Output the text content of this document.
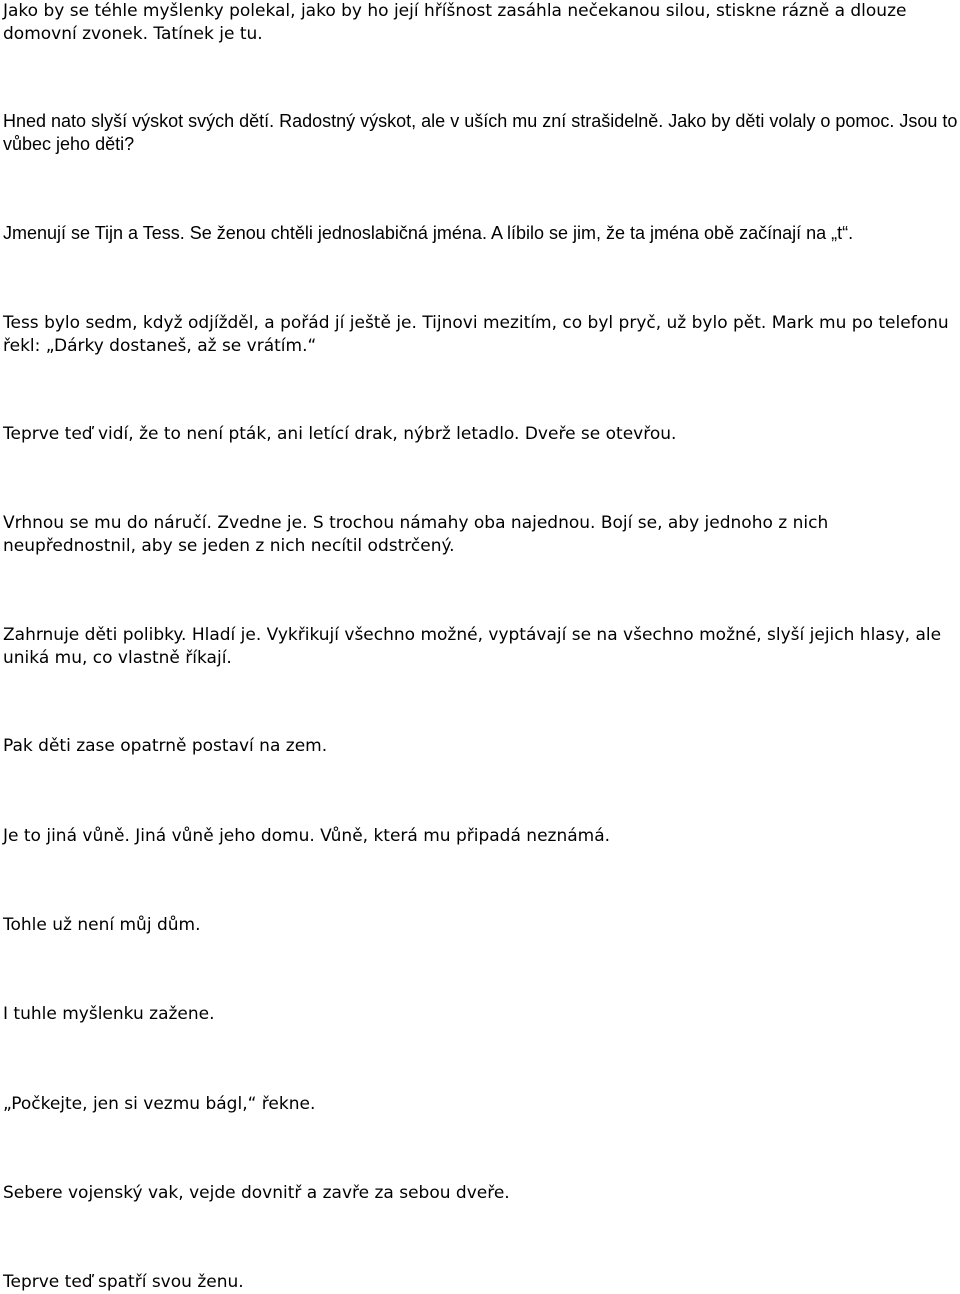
Jako by se téhle myšlenky polekal, jako by ho její hříšnost zasáhla nečekanou silou, stiskne rázně a dlouze domovní zvonek. Tatínek je tu.

Hned nato slyší výskot svých dětí. Radostný výskot, ale v uších mu zní strašidelně. Jako by děti volaly o pomoc. Jsou to vůbec jeho děti?

Jmenují se Tijn a Tess. Se ženou chtěli jednoslabičná jména. A líbilo se jim, že ta jména obě začínají na „t“.

Tess bylo sedm, když odjížděl, a pořád jí ještě je. Tijnovi mezitím, co byl pryč, už bylo pět. Mark mu po telefonu řekl: „Dárky dostaneš, až se vrátím.“

Teprve teď vidí, že to není pták, ani letící drak, nýbrž letadlo. Dveře se otevřou.

Vrhnou se mu do náručí. Zvedne je. S trochou námahy oba najednou. Bojí se, aby jednoho z nich neupřednostnil, aby se jeden z nich necítil odstrčený.

Zahrnuje děti polibky. Hladí je. Vykřikují všechno možné, vyptávají se na všechno možné, slyší jejich hlasy, ale uniká mu, co vlastně říkají.

Pak děti zase opatrně postaví na zem.

Je to jiná vůně. Jiná vůně jeho domu. Vůně, která mu připadá neznámá.

Tohle už není můj dům.

I tuhle myšlenku zažene.

„Počkejte, jen si vezmu bágl,“ řekne.

Sebere vojenský vak, vejde dovnitř a zavře za sebou dveře.

Teprve teď spatří svou ženu.
